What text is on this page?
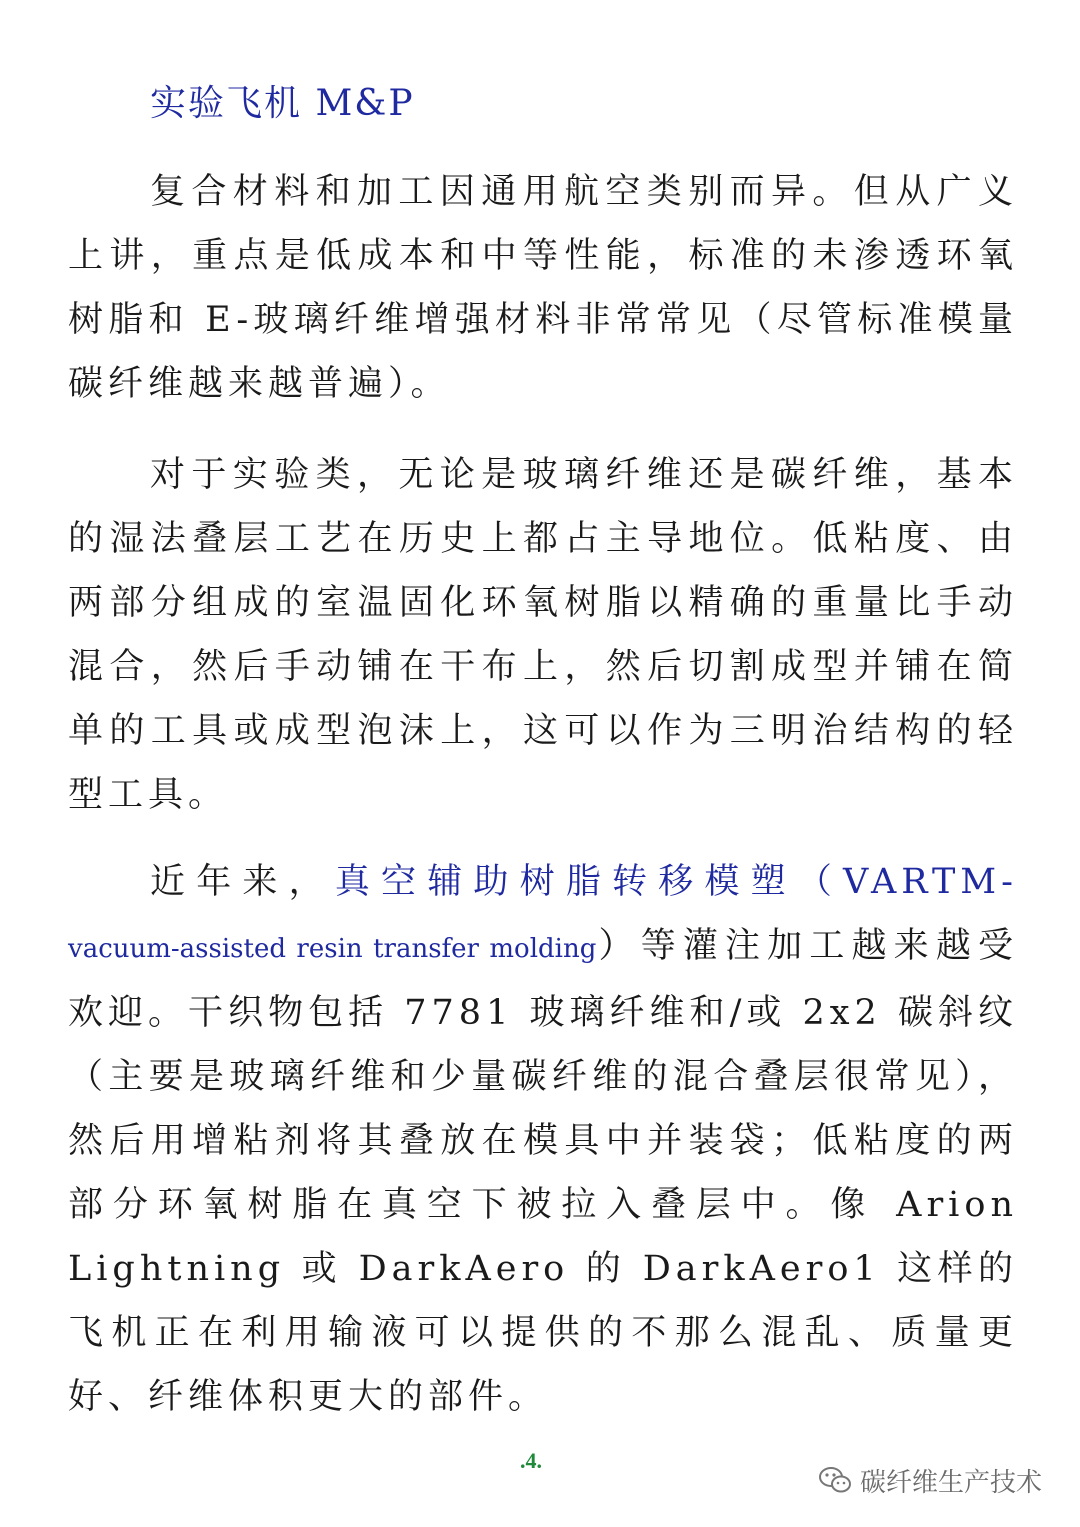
实验飞机 M&P

复合材料和加工因通用航空类别而异。但从广义上讲，重点是低成本和中等性能，标准的未渗透环氧树脂和 E-玻璃纤维增强材料非常常见（尽管标准模量碳纤维越来越普遍）。

对于实验类，无论是玻璃纤维还是碳纤维，基本的湿法叠层工艺在历史上都占主导地位。低粘度、由两部分组成的室温固化环氧树脂以精确的重量比手动混合，然后手动铺在干布上，然后切割成型并铺在简单的工具或成型泡沫上，这可以作为三明治结构的轻型工具。

近年来，真空辅助树脂转移模塑（VARTM-vacuum-assisted resin transfer molding）等灌注加工越来越受欢迎。干织物包括 7781 玻璃纤维和/或 2x2 碳斜纹（主要是玻璃纤维和少量碳纤维的混合叠层很常见），然后用增粘剂将其叠放在模具中并装袋；低粘度的两部分环氧树脂在真空下被拉入叠层中。像 Arion Lightning 或 DarkAero 的 DarkAero1 这样的飞机正在利用输液可以提供的不那么混乱、质量更好、纤维体积更大的部件。

.4.
碳纤维生产技术
